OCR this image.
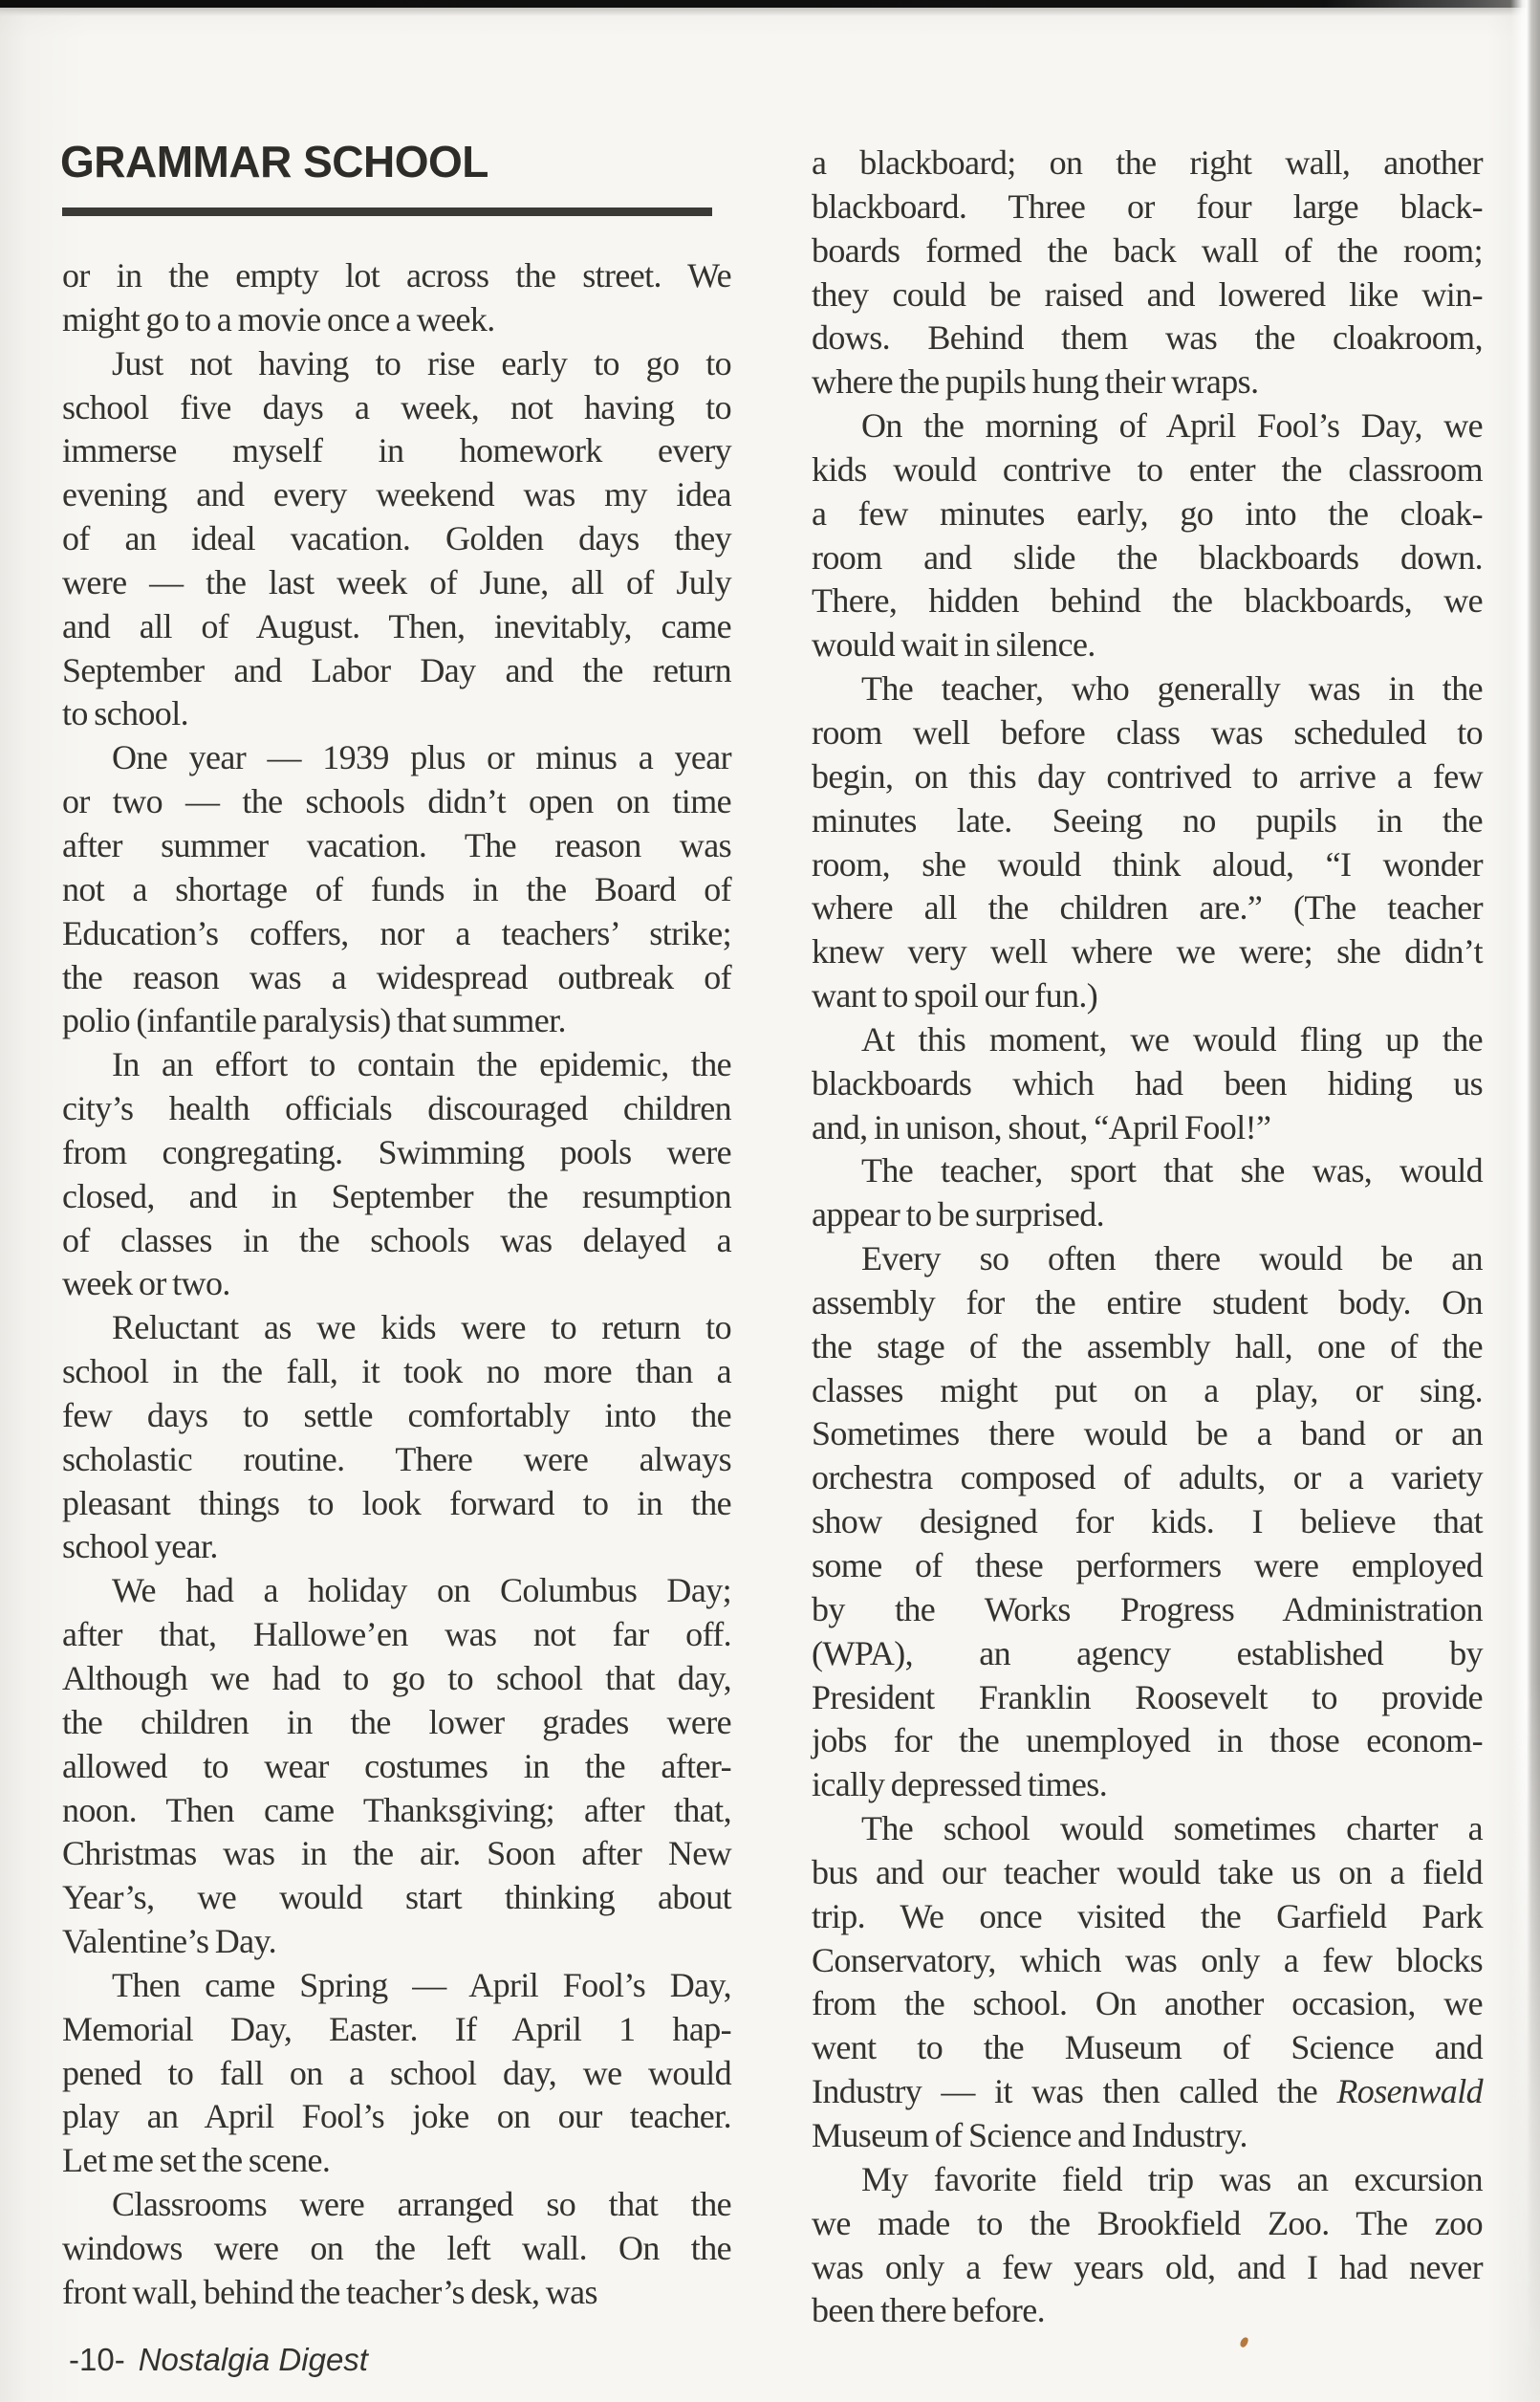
GRAMMAR SCHOOL
or in the empty lot across the street. We
might go to a movie once a week.
Just not having to rise early to go to
school five days a week, not having to
immerse myself in homework every
evening and every weekend was my idea
of an ideal vacation. Golden days they
were — the last week of June, all of July
and all of August. Then, inevitably, came
September and Labor Day and the return
to school.
One year — 1939 plus or minus a year
or two — the schools didn’t open on time
after summer vacation. The reason was
not a shortage of funds in the Board of
Education’s coffers, nor a teachers’ strike;
the reason was a widespread outbreak of
polio (infantile paralysis) that summer.
In an effort to contain the epidemic, the
city’s health officials discouraged children
from congregating. Swimming pools were
closed, and in September the resumption
of classes in the schools was delayed a
week or two.
Reluctant as we kids were to return to
school in the fall, it took no more than a
few days to settle comfortably into the
scholastic routine. There were always
pleasant things to look forward to in the
school year.
We had a holiday on Columbus Day;
after that, Hallowe’en was not far off.
Although we had to go to school that day,
the children in the lower grades were
allowed to wear costumes in the after-
noon. Then came Thanksgiving; after that,
Christmas was in the air. Soon after New
Year’s, we would start thinking about
Valentine’s Day.
Then came Spring — April Fool’s Day,
Memorial Day, Easter. If April 1 hap-
pened to fall on a school day, we would
play an April Fool’s joke on our teacher.
Let me set the scene.
Classrooms were arranged so that the
windows were on the left wall. On the
front wall, behind the teacher’s desk, was
a blackboard; on the right wall, another
blackboard. Three or four large black-
boards formed the back wall of the room;
they could be raised and lowered like win-
dows. Behind them was the cloakroom,
where the pupils hung their wraps.
On the morning of April Fool’s Day, we
kids would contrive to enter the classroom
a few minutes early, go into the cloak-
room and slide the blackboards down.
There, hidden behind the blackboards, we
would wait in silence.
The teacher, who generally was in the
room well before class was scheduled to
begin, on this day contrived to arrive a few
minutes late. Seeing no pupils in the
room, she would think aloud, “I wonder
where all the children are.” (The teacher
knew very well where we were; she didn’t
want to spoil our fun.)
At this moment, we would fling up the
blackboards which had been hiding us
and, in unison, shout, “April Fool!”
The teacher, sport that she was, would
appear to be surprised.
Every so often there would be an
assembly for the entire student body. On
the stage of the assembly hall, one of the
classes might put on a play, or sing.
Sometimes there would be a band or an
orchestra composed of adults, or a variety
show designed for kids. I believe that
some of these performers were employed
by the Works Progress Administration
(WPA), an agency established by
President Franklin Roosevelt to provide
jobs for the unemployed in those econom-
ically depressed times.
The school would sometimes charter a
bus and our teacher would take us on a field
trip. We once visited the Garfield Park
Conservatory, which was only a few blocks
from the school. On another occasion, we
went to the Museum of Science and
Industry — it was then called the Rosenwald
Museum of Science and Industry.
My favorite field trip was an excursion
we made to the Brookfield Zoo. The zoo
was only a few years old, and I had never
been there before.
-10- Nostalgia Digest
